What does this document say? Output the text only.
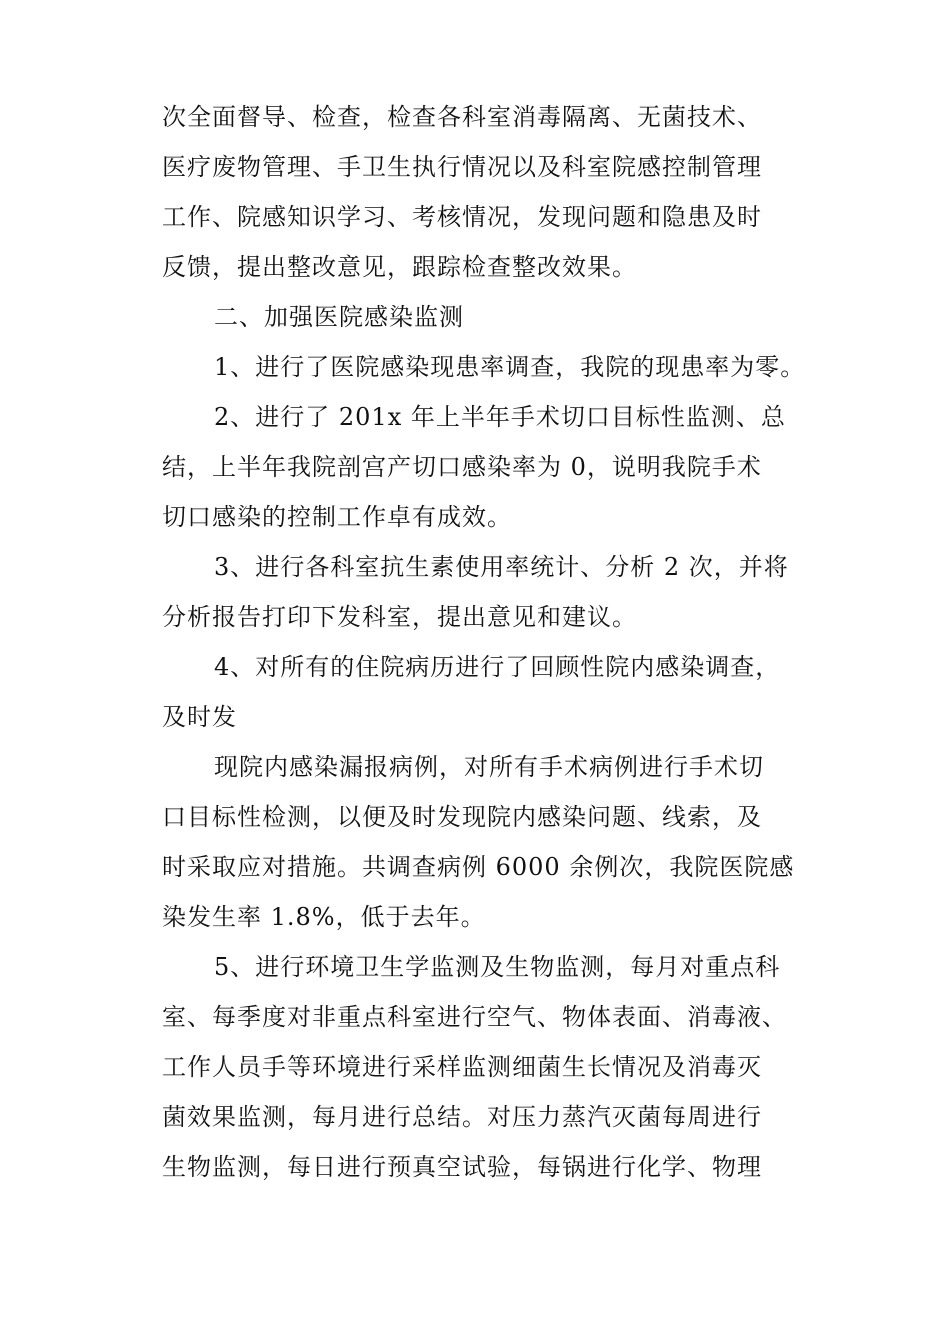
次全面督导、检查，检查各科室消毒隔离、无菌技术、
医疗废物管理、手卫生执行情况以及科室院感控制管理
工作、院感知识学习、考核情况，发现问题和隐患及时
反馈，提出整改意见，跟踪检查整改效果。
二、加强医院感染监测
1、进行了医院感染现患率调查，我院的现患率为零。
2、进行了 201x 年上半年手术切口目标性监测、总
结，上半年我院剖宫产切口感染率为 0，说明我院手术
切口感染的控制工作卓有成效。
3、进行各科室抗生素使用率统计、分析 2 次，并将
分析报告打印下发科室，提出意见和建议。
4、对所有的住院病历进行了回顾性院内感染调查，
及时发
现院内感染漏报病例，对所有手术病例进行手术切
口目标性检测，以便及时发现院内感染问题、线索，及
时采取应对措施。共调查病例 6000 余例次，我院医院感
染发生率 1.8%，低于去年。
5、进行环境卫生学监测及生物监测，每月对重点科
室、每季度对非重点科室进行空气、物体表面、消毒液、
工作人员手等环境进行采样监测细菌生长情况及消毒灭
菌效果监测，每月进行总结。对压力蒸汽灭菌每周进行
生物监测，每日进行预真空试验，每锅进行化学、物理
